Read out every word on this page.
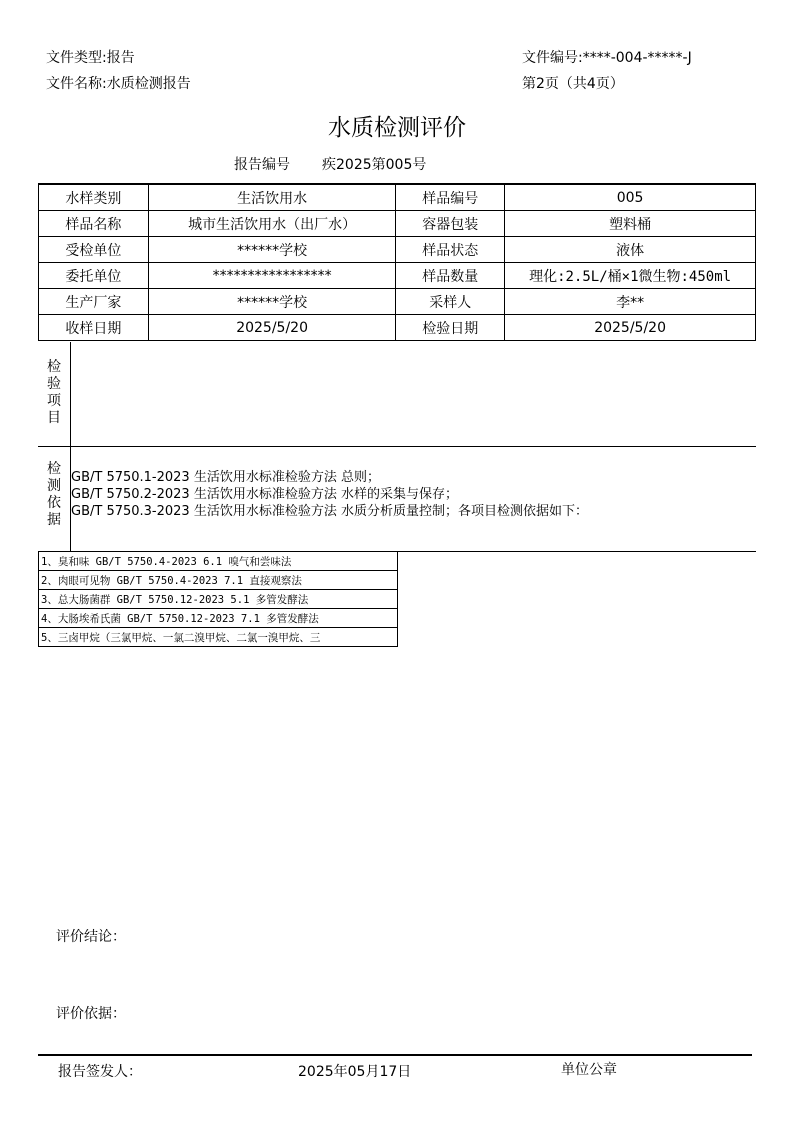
文件类型:报告	文件编号:****-004-*****-J
文件名称:水质检测报告	第2页（共4页）
水质检测评价
报告编号 疾2025第005号
水样类别	生活饮用水	样品编号	005
样品名称	城市生活饮用水（出厂水）	容器包装	塑料桶
受检单位	******学校	样品状态	液体
委托单位	*****************	样品数量	理化:2.5L/桶×1微生物:450ml
生产厂家	******学校	采样人	李**
收样日期	2025/5/20	检验日期	2025/5/20
检
验
项
目
检
测
依
据
GB/T 5750.1-2023 生活饮用水标准检验方法 总则；
GB/T 5750.2-2023 生活饮用水标准检验方法 水样的采集与保存；
GB/T 5750.3-2023 生活饮用水标准检验方法 水质分析质量控制；各项目检测依据如下：
1、臭和味 GB/T 5750.4-2023 6.1 嗅气和尝味法
2、肉眼可见物 GB/T 5750.4-2023 7.1 直接观察法
3、总大肠菌群 GB/T 5750.12-2023 5.1 多管发酵法
4、大肠埃希氏菌 GB/T 5750.12-2023 7.1 多管发酵法
5、三卤甲烷（三氯甲烷、一氯二溴甲烷、二氯一溴甲烷、三
评价结论：
评价依据：
报告签发人：	2025年05月17日	单位公章
